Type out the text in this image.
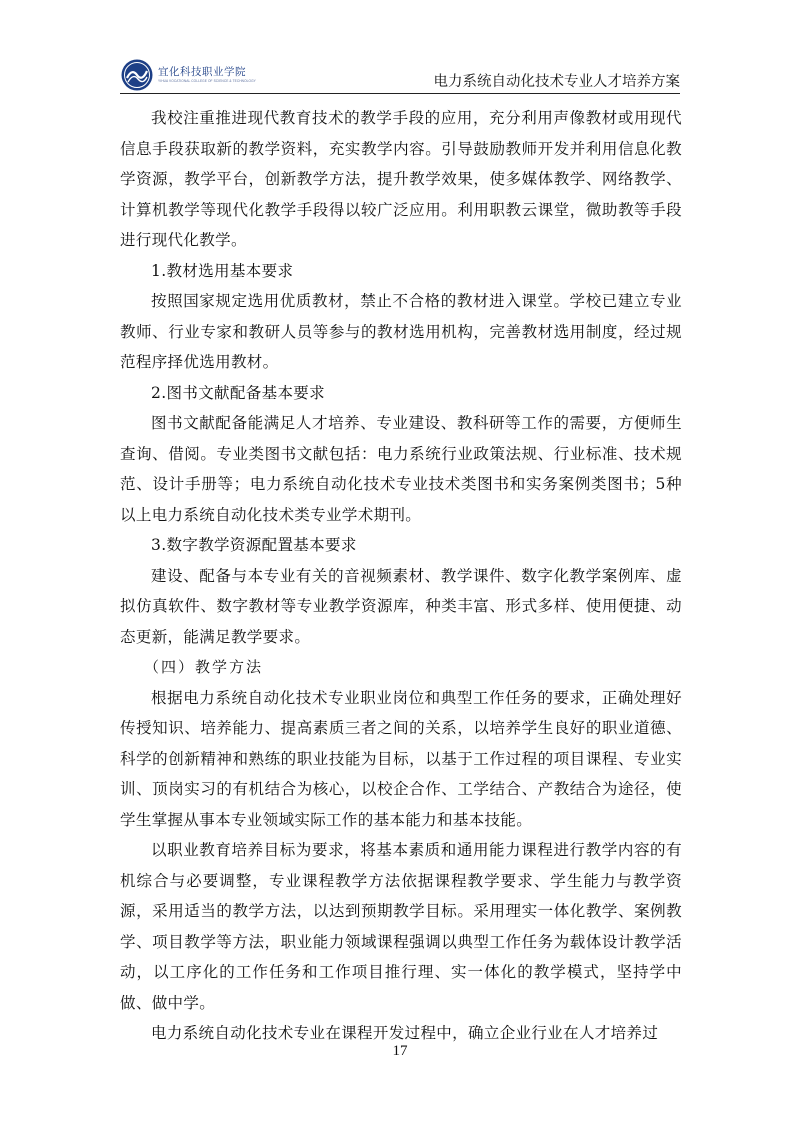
宜化科技职业学院
YIHUA VOCATIONAL COLLEGE OF SCIENCE & TECHNOLOGY	电力系统自动化技术专业人才培养方案

我校注重推进现代教育技术的教学手段的应用，充分利用声像教材或用现代信息手段获取新的教学资料，充实教学内容。引导鼓励教师开发并利用信息化教学资源，教学平台，创新教学方法，提升教学效果，使多媒体教学、网络教学、计算机教学等现代化教学手段得以较广泛应用。利用职教云课堂，微助教等手段进行现代化教学。

1.教材选用基本要求

按照国家规定选用优质教材，禁止不合格的教材进入课堂。学校已建立专业教师、行业专家和教研人员等参与的教材选用机构，完善教材选用制度，经过规范程序择优选用教材。

2.图书文献配备基本要求

图书文献配备能满足人才培养、专业建设、教科研等工作的需要，方便师生查询、借阅。专业类图书文献包括：电力系统行业政策法规、行业标准、技术规范、设计手册等；电力系统自动化技术专业技术类图书和实务案例类图书；5种以上电力系统自动化技术类专业学术期刊。

3.数字教学资源配置基本要求

建设、配备与本专业有关的音视频素材、教学课件、数字化教学案例库、虚拟仿真软件、数字教材等专业教学资源库，种类丰富、形式多样、使用便捷、动态更新，能满足教学要求。

（四）教学方法

根据电力系统自动化技术专业职业岗位和典型工作任务的要求，正确处理好传授知识、培养能力、提高素质三者之间的关系，以培养学生良好的职业道德、科学的创新精神和熟练的职业技能为目标，以基于工作过程的项目课程、专业实训、顶岗实习的有机结合为核心，以校企合作、工学结合、产教结合为途径，使学生掌握从事本专业领域实际工作的基本能力和基本技能。

以职业教育培养目标为要求，将基本素质和通用能力课程进行教学内容的有机综合与必要调整，专业课程教学方法依据课程教学要求、学生能力与教学资源，采用适当的教学方法，以达到预期教学目标。采用理实一体化教学、案例教学、项目教学等方法，职业能力领域课程强调以典型工作任务为载体设计教学活动，以工序化的工作任务和工作项目推行理、实一体化的教学模式，坚持学中做、做中学。

电力系统自动化技术专业在课程开发过程中，确立企业行业在人才培养过

17
